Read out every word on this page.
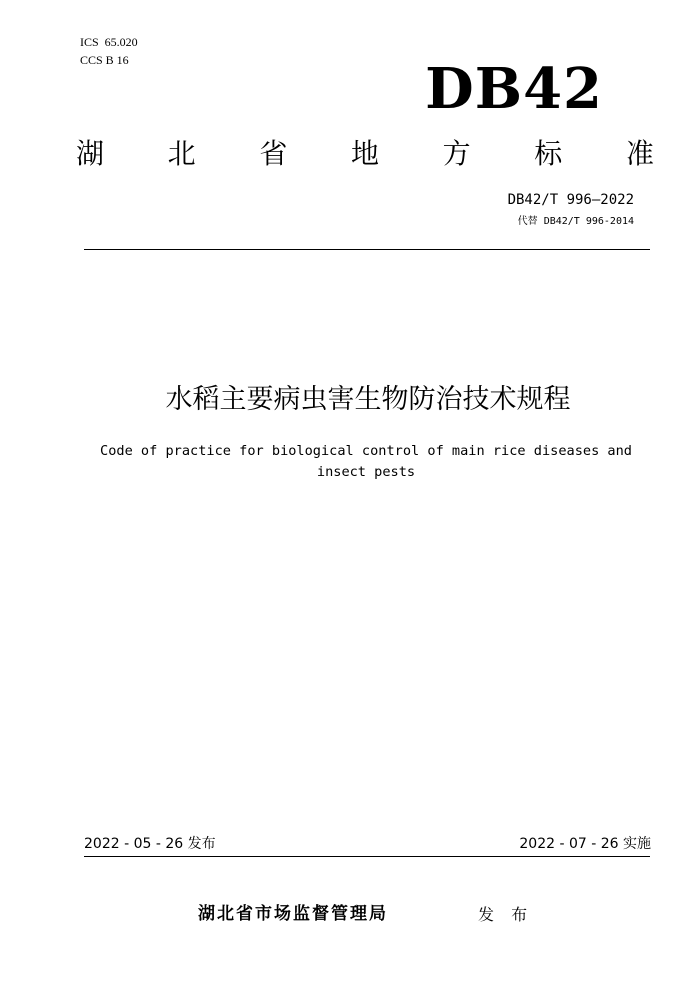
ICS  65.020
CCS B 16	DB42
湖 北 省 地 方 标 准
DB42/T 996—2022
代替 DB42/T 996-2014
水稻主要病虫害生物防治技术规程
Code of practice for biological control of main rice diseases and insect pests
2022 - 05 - 26 发布	2022 - 07 - 26 实施
湖北省市场监督管理局	发 布
